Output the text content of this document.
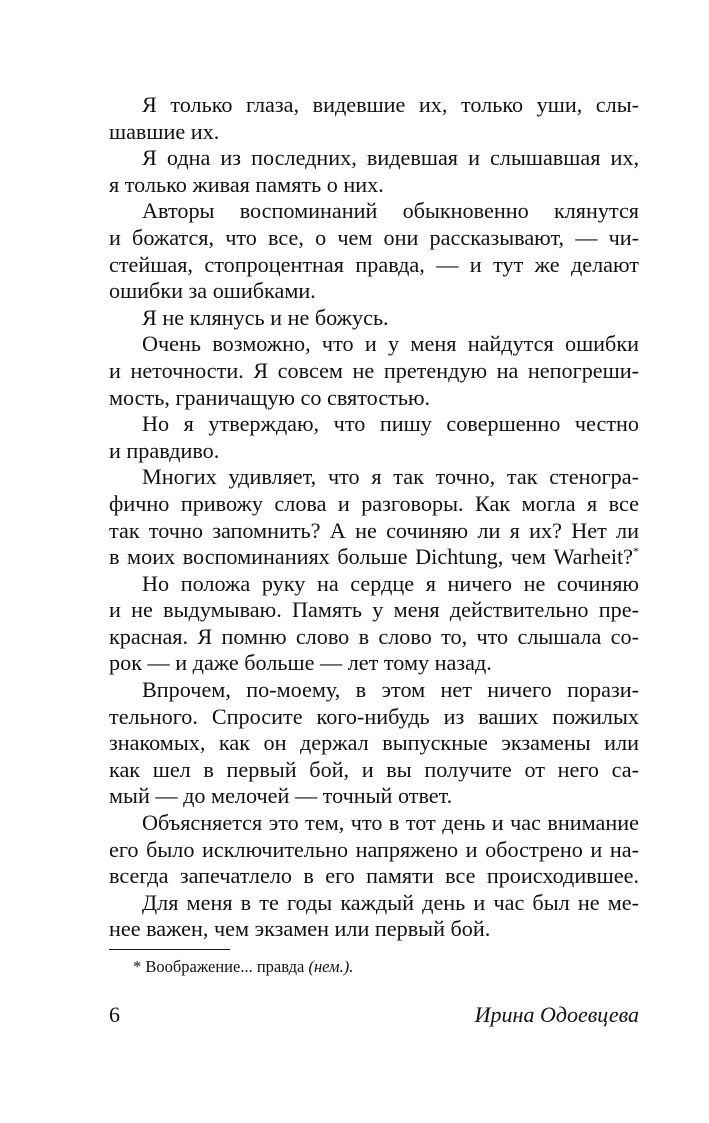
Я только глаза, видевшие их, только уши, слы-
шавшие их.
Я одна из последних, видевшая и слышавшая их,
я только живая память о них.
Авторы воспоминаний обыкновенно клянутся
и божатся, что все, о чем они рассказывают, — чи-
стейшая, стопроцентная правда, — и тут же делают
ошибки за ошибками.
Я не клянусь и не божусь.
Очень возможно, что и у меня найдутся ошибки
и неточности. Я совсем не претендую на непогреши-
мость, граничащую со святостью.
Но я утверждаю, что пишу совершенно честно
и правдиво.
Многих удивляет, что я так точно, так стеногра-
фично привожу слова и разговоры. Как могла я все
так точно запомнить? А не сочиняю ли я их? Нет ли
в моих воспоминаниях больше Dichtung, чем Warheit?*
Но положа руку на сердце я ничего не сочиняю
и не выдумываю. Память у меня действительно пре-
красная. Я помню слово в слово то, что слышала со-
рок — и даже больше — лет тому назад.
Впрочем, по-моему, в этом нет ничего порази-
тельного. Спросите кого-нибудь из ваших пожилых
знакомых, как он держал выпускные экзамены или
как шел в первый бой, и вы получите от него са-
мый — до мелочей — точный ответ.
Объясняется это тем, что в тот день и час внимание
его было исключительно напряжено и обострено и на-
всегда запечатлело в его памяти все происходившее.
Для меня в те годы каждый день и час был не ме-
нее важен, чем экзамен или первый бой.
* Воображение... правда (нем.).
6	Ирина Одоевцева
